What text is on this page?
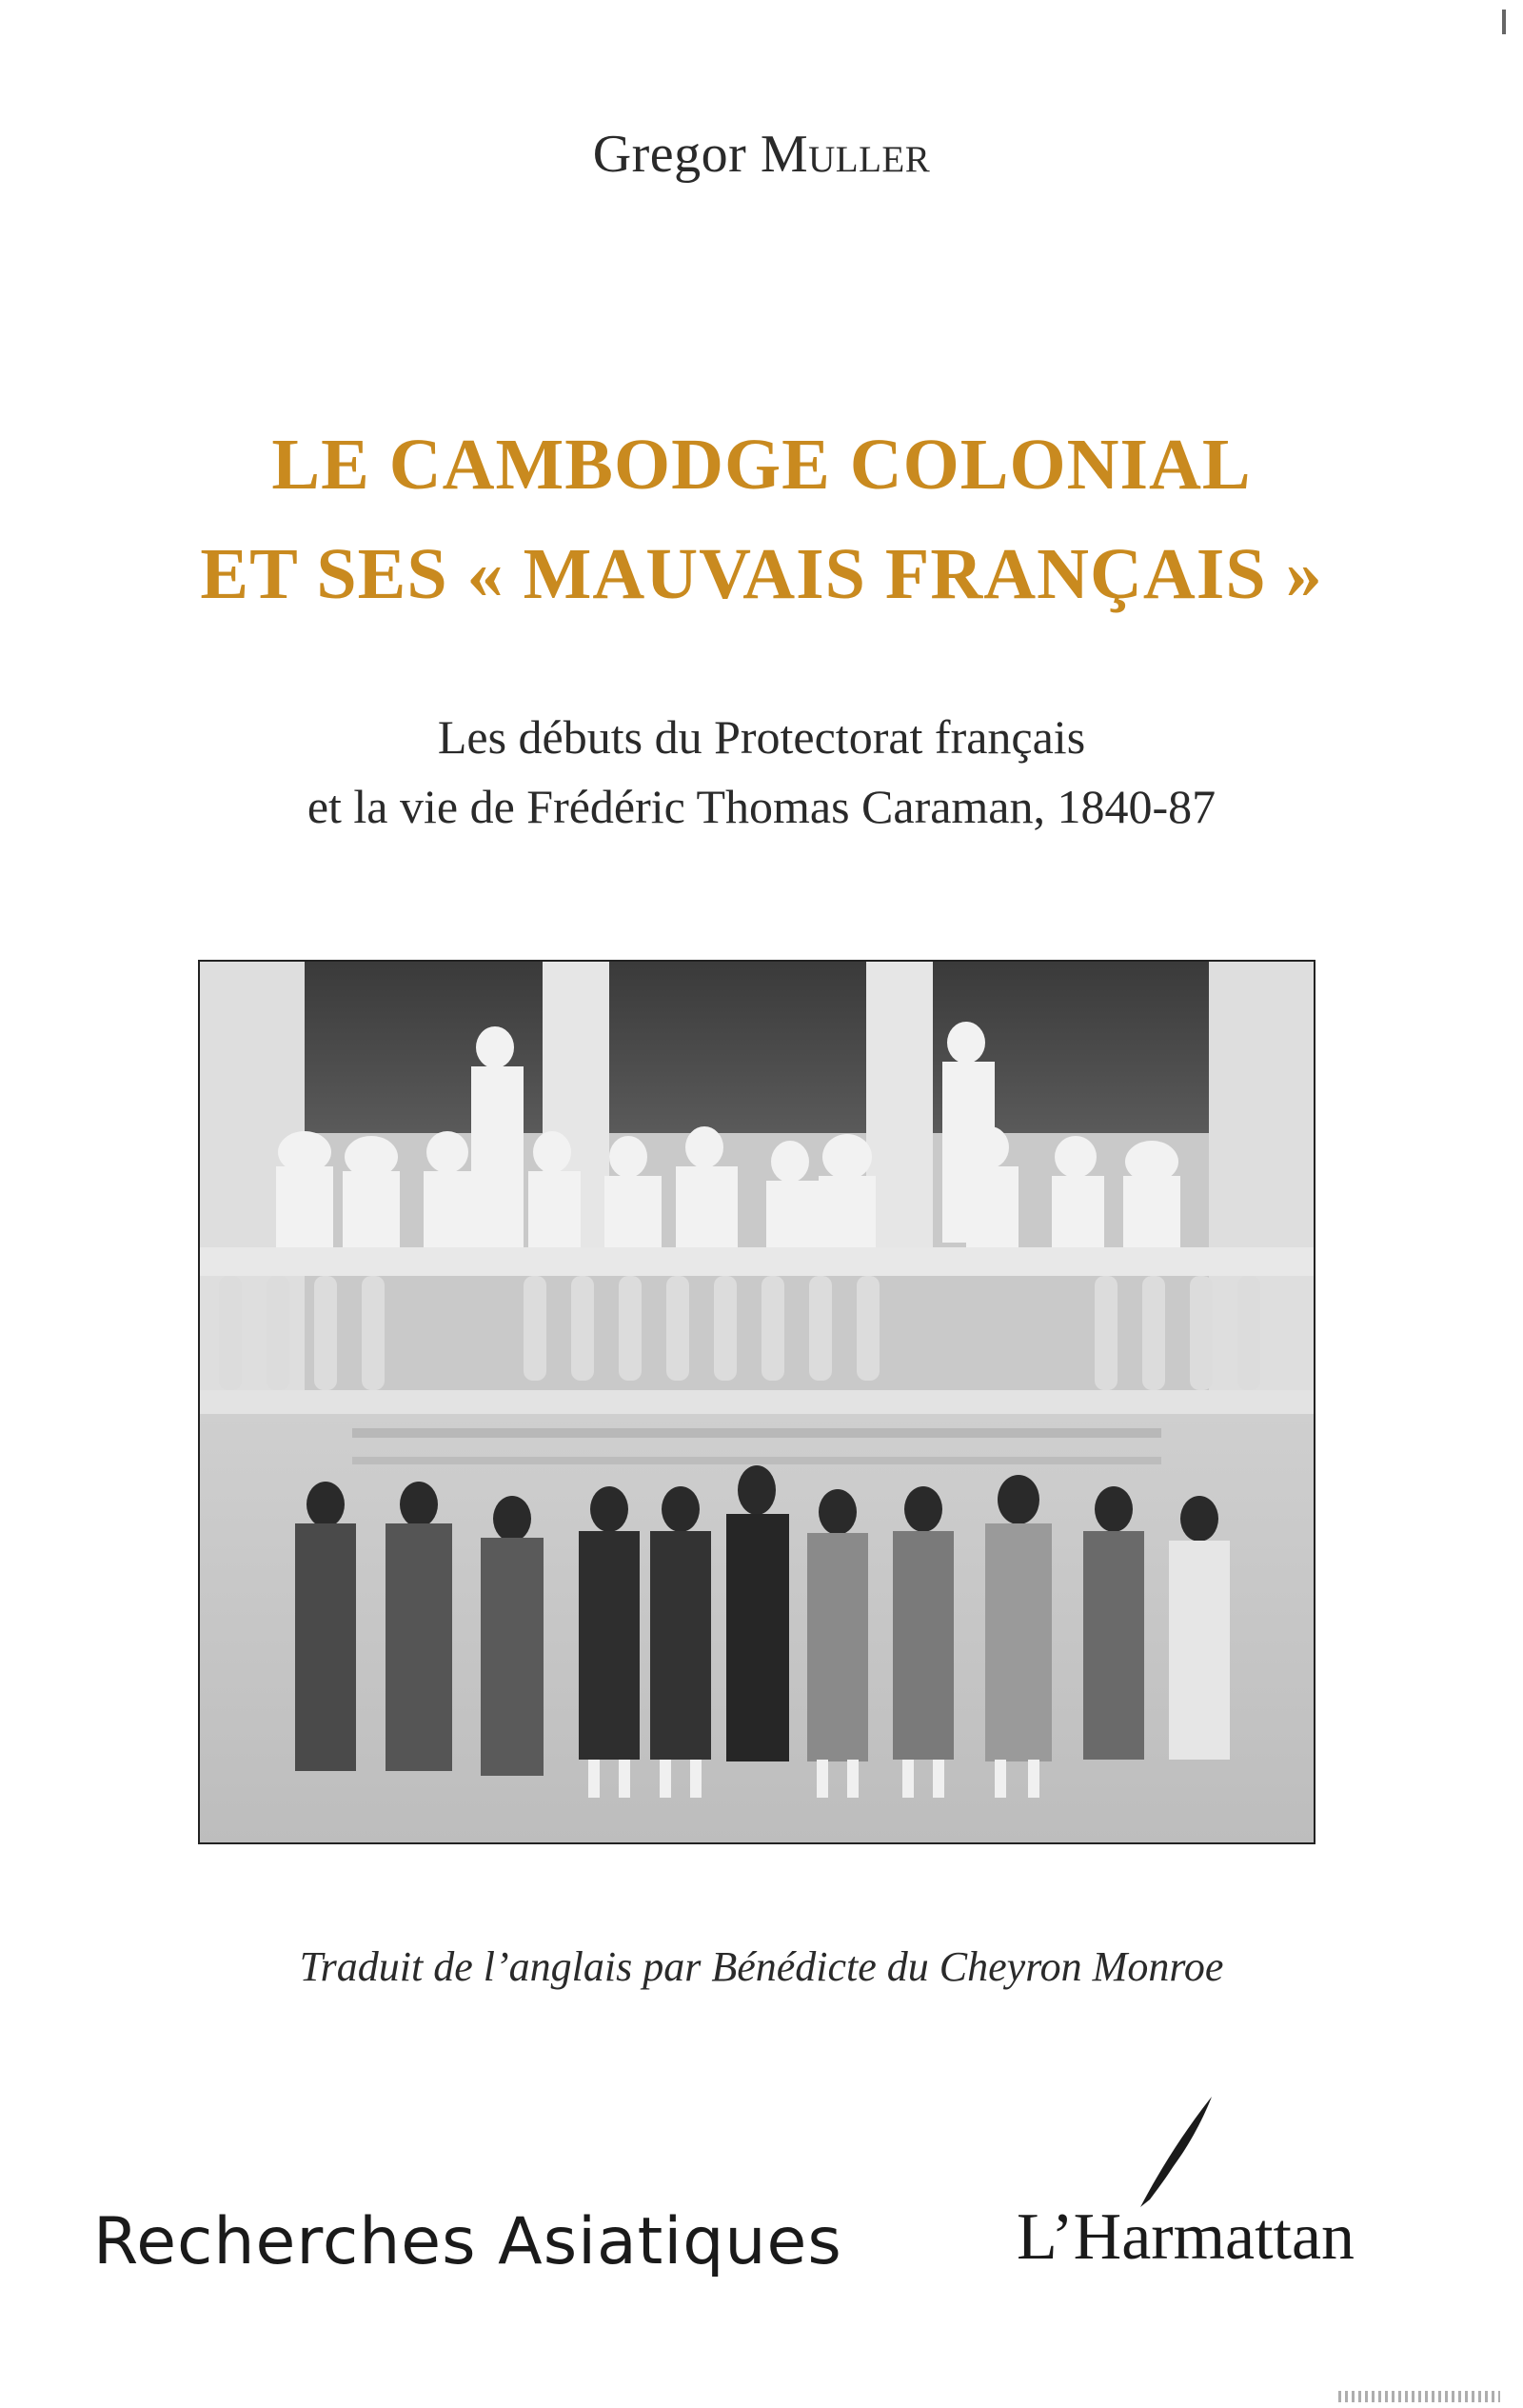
Gregor Muller
LE CAMBODGE COLONIAL
ET SES « MAUVAIS FRANÇAIS »
Les débuts du Protectorat français
et la vie de Frédéric Thomas Caraman, 1840-87
Traduit de l’anglais par Bénédicte du Cheyron Monroe
Recherches Asiatiques	L’Harmattan
